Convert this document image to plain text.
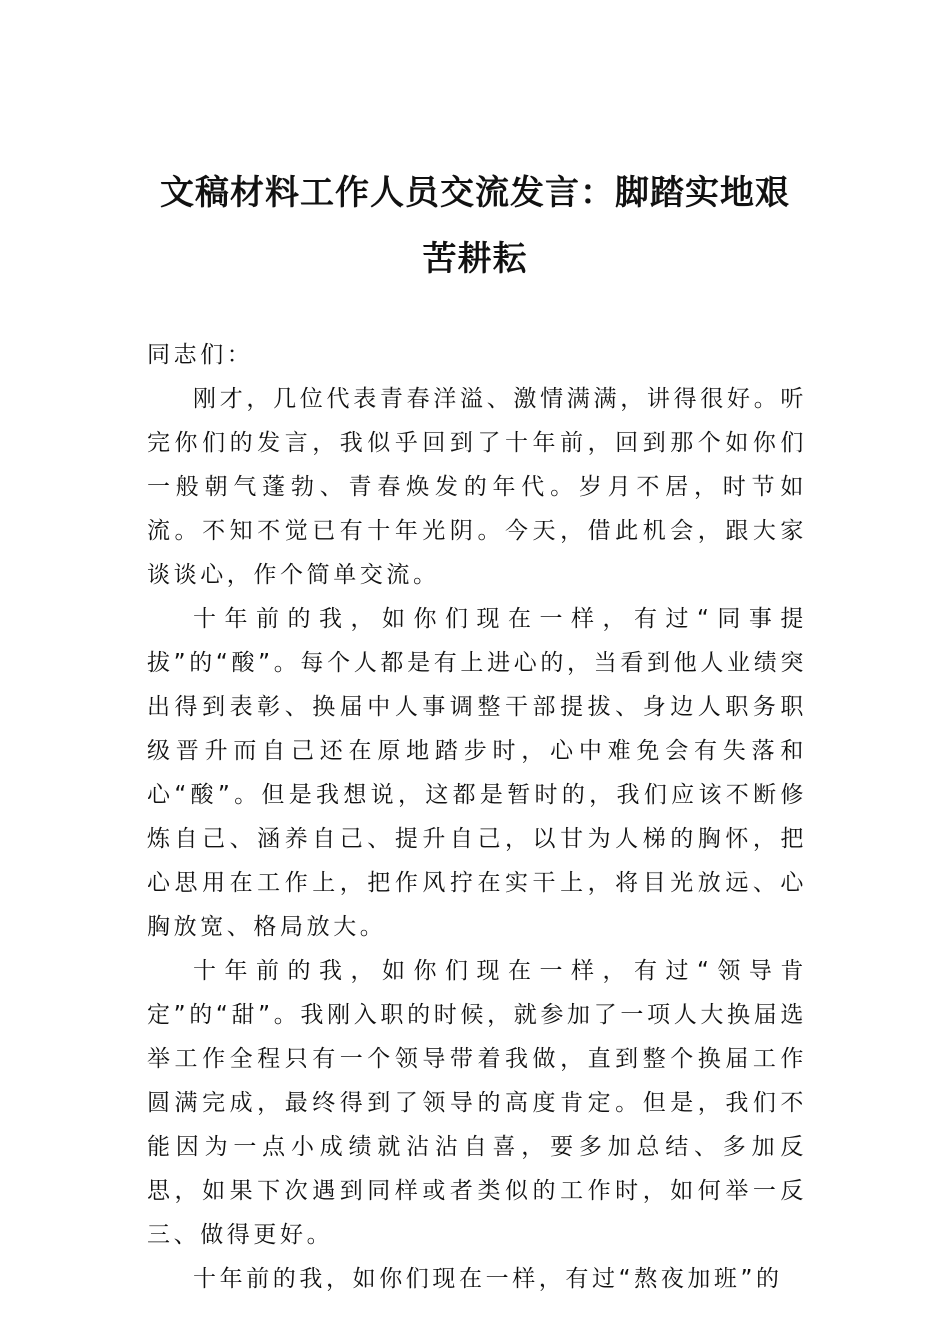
文稿材料工作人员交流发言：脚踏实地艰
苦耕耘

同志们：

刚才，几位代表青春洋溢、激情满满，讲得很好。听完你们的发言，我似乎回到了十年前，回到那个如你们一般朝气蓬勃、青春焕发的年代。岁月不居，时节如流。不知不觉已有十年光阴。今天，借此机会，跟大家谈谈心，作个简单交流。

十年前的我，如你们现在一样，有过“同事提拔”的“酸”。每个人都是有上进心的，当看到他人业绩突出得到表彰、换届中人事调整干部提拔、身边人职务职级晋升而自己还在原地踏步时，心中难免会有失落和心“酸”。但是我想说，这都是暂时的，我们应该不断修炼自己、涵养自己、提升自己，以甘为人梯的胸怀，把心思用在工作上，把作风拧在实干上，将目光放远、心胸放宽、格局放大。

十年前的我，如你们现在一样，有过“领导肯定”的“甜”。我刚入职的时候，就参加了一项人大换届选举工作全程只有一个领导带着我做，直到整个换届工作圆满完成，最终得到了领导的高度肯定。但是，我们不能因为一点小成绩就沾沾自喜，要多加总结、多加反思，如果下次遇到同样或者类似的工作时，如何举一反三、做得更好。

十年前的我，如你们现在一样，有过“熬夜加班”的
